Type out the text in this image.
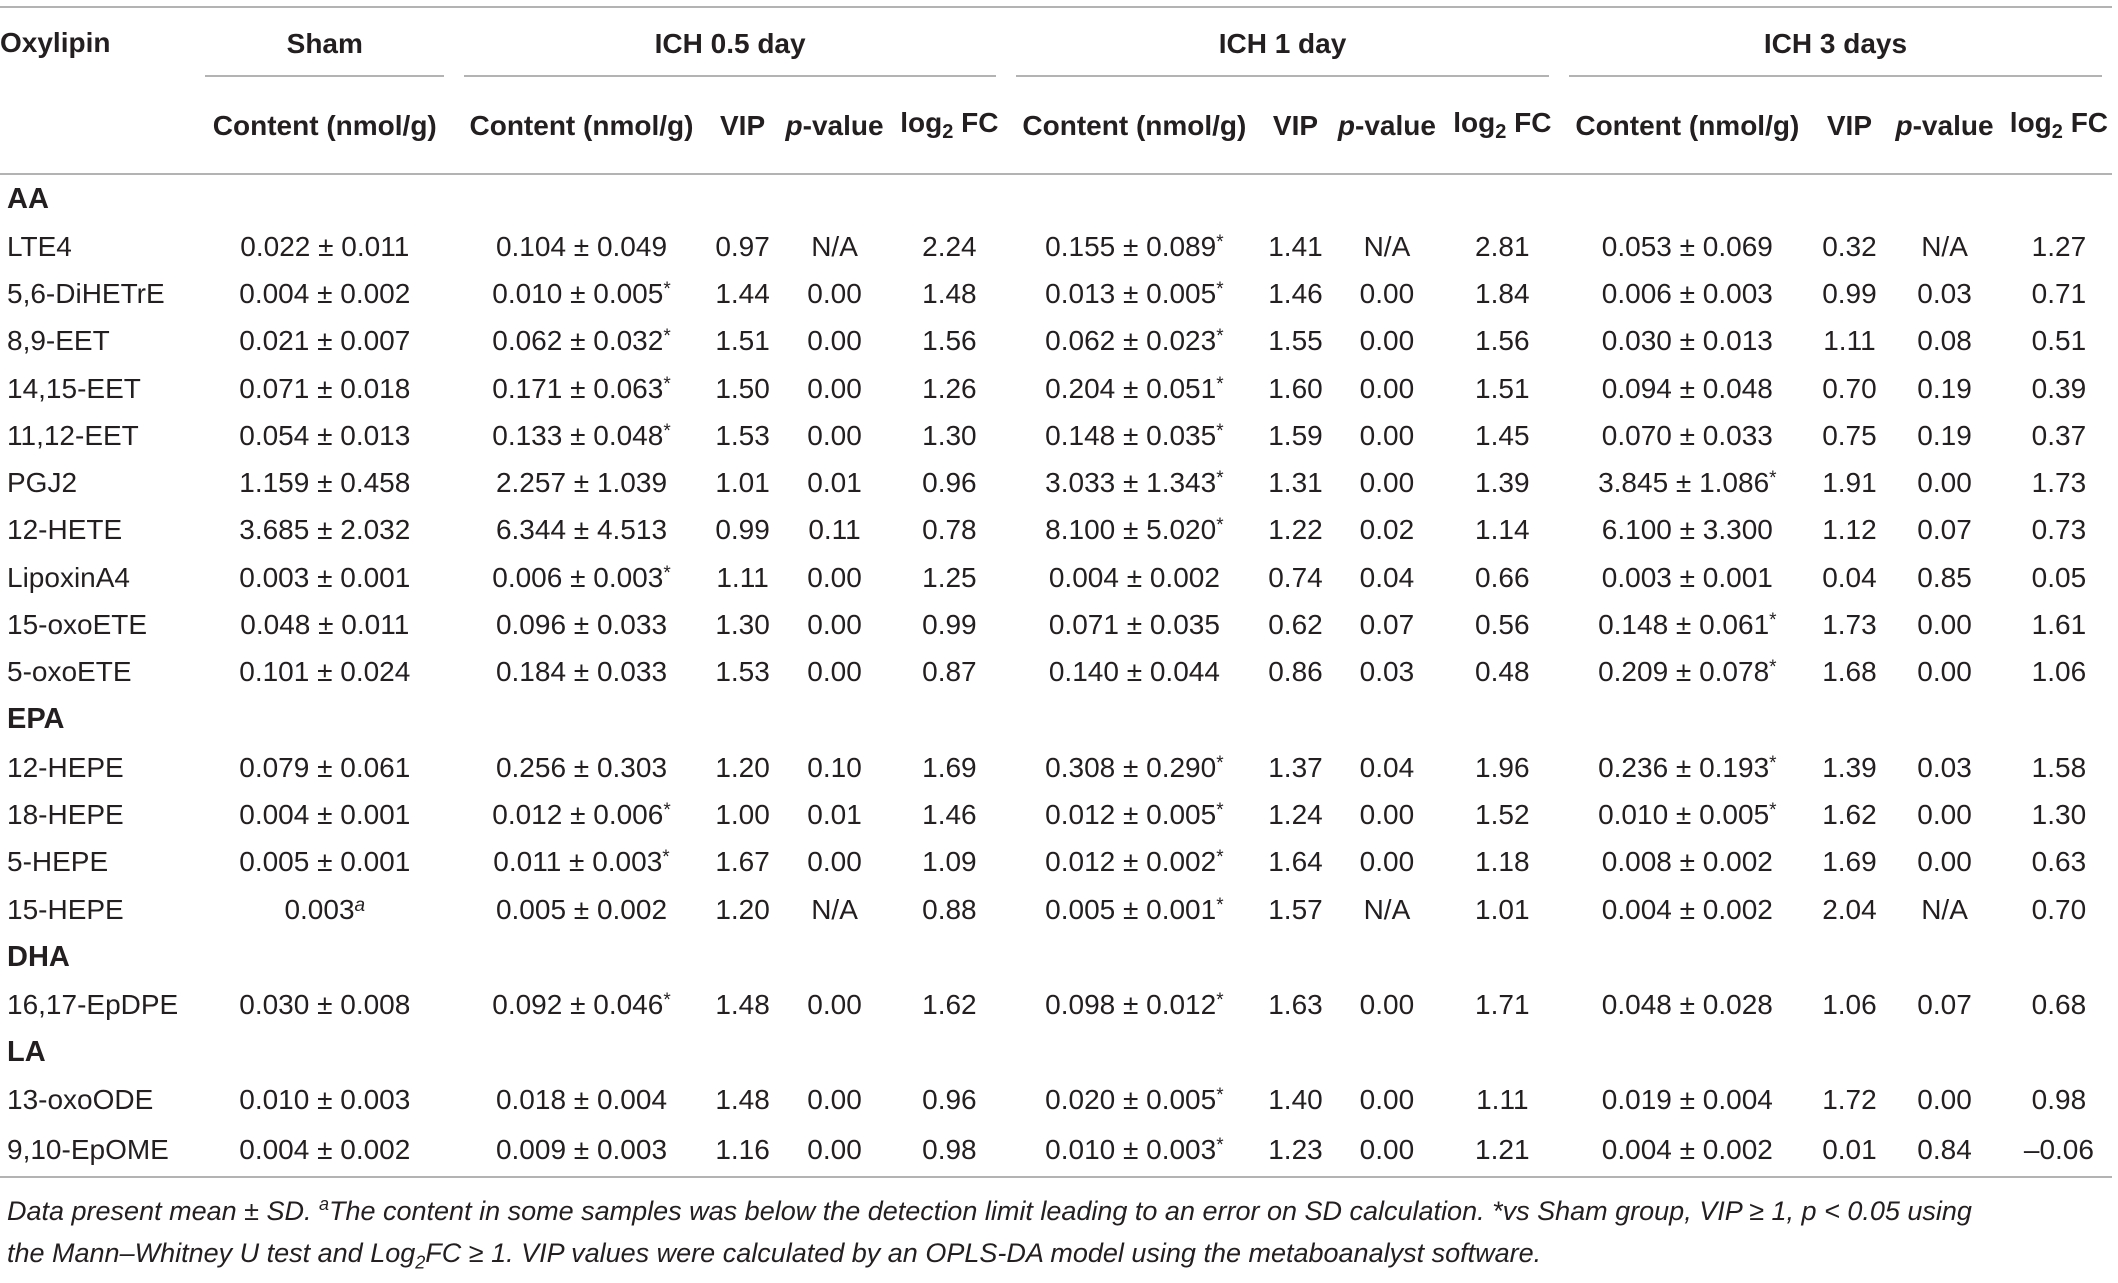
Oxylipin	Sham	ICH 0.5 day				ICH 1 day				ICH 3 days			

	Content (nmol/g)	Content (nmol/g)	VIP	p-value	$\log_2$ FC	Content (nmol/g)	VIP	p-value	$\log_2$ FC	Content (nmol/g)	VIP	p-value	$\log_2$ FC
AA													
LTE4	0.022 ± 0.011	0.104 ± 0.049	0.97	N/A	2.24	0.155 ± 0.089*	1.41	N/A	2.81	0.053 ± 0.069	0.32	N/A	1.27
5,6-DiHETrE	0.004 ± 0.002	0.010 ± 0.005*	1.44	0.00	1.48	0.013 ± 0.005*	1.46	0.00	1.84	0.006 ± 0.003	0.99	0.03	0.71
8,9-EET	0.021 ± 0.007	0.062 ± 0.032*	1.51	0.00	1.56	0.062 ± 0.023*	1.55	0.00	1.56	0.030 ± 0.013	1.11	0.08	0.51
14,15-EET	0.071 ± 0.018	0.171 ± 0.063*	1.50	0.00	1.26	0.204 ± 0.051*	1.60	0.00	1.51	0.094 ± 0.048	0.70	0.19	0.39
11,12-EET	0.054 ± 0.013	0.133 ± 0.048*	1.53	0.00	1.30	0.148 ± 0.035*	1.59	0.00	1.45	0.070 ± 0.033	0.75	0.19	0.37
PGJ2	1.159 ± 0.458	2.257 ± 1.039	1.01	0.01	0.96	3.033 ± 1.343*	1.31	0.00	1.39	3.845 ± 1.086*	1.91	0.00	1.73
12-HETE	3.685 ± 2.032	6.344 ± 4.513	0.99	0.11	0.78	8.100 ± 5.020*	1.22	0.02	1.14	6.100 ± 3.300	1.12	0.07	0.73
LipoxinA4	0.003 ± 0.001	0.006 ± 0.003*	1.11	0.00	1.25	0.004 ± 0.002	0.74	0.04	0.66	0.003 ± 0.001	0.04	0.85	0.05
15-oxoETE	0.048 ± 0.011	0.096 ± 0.033	1.30	0.00	0.99	0.071 ± 0.035	0.62	0.07	0.56	0.148 ± 0.061*	1.73	0.00	1.61
5-oxoETE	0.101 ± 0.024	0.184 ± 0.033	1.53	0.00	0.87	0.140 ± 0.044	0.86	0.03	0.48	0.209 ± 0.078*	1.68	0.00	1.06
EPA													
12-HEPE	0.079 ± 0.061	0.256 ± 0.303	1.20	0.10	1.69	0.308 ± 0.290*	1.37	0.04	1.96	0.236 ± 0.193*	1.39	0.03	1.58
18-HEPE	0.004 ± 0.001	0.012 ± 0.006*	1.00	0.01	1.46	0.012 ± 0.005*	1.24	0.00	1.52	0.010 ± 0.005*	1.62	0.00	1.30
5-HEPE	0.005 ± 0.001	0.011 ± 0.003*	1.67	0.00	1.09	0.012 ± 0.002*	1.64	0.00	1.18	0.008 ± 0.002	1.69	0.00	0.63
15-HEPE	0.003$^a$	0.005 ± 0.002	1.20	N/A	0.88	0.005 ± 0.001*	1.57	N/A	1.01	0.004 ± 0.002	2.04	N/A	0.70
DHA													
16,17-EpDPE	0.030 ± 0.008	0.092 ± 0.046*	1.48	0.00	1.62	0.098 ± 0.012*	1.63	0.00	1.71	0.048 ± 0.028	1.06	0.07	0.68
LA													
13-oxoODE	0.010 ± 0.003	0.018 ± 0.004	1.48	0.00	0.96	0.020 ± 0.005*	1.40	0.00	1.11	0.019 ± 0.004	1.72	0.00	0.98
9,10-EpOME	0.004 ± 0.002	0.009 ± 0.003	1.16	0.00	0.98	0.010 ± 0.003*	1.23	0.00	1.21	0.004 ± 0.002	0.01	0.84	–0.06
Data present mean ± SD. $^a$The content in some samples was below the detection limit leading to an error on SD calculation. *vs Sham group, VIP ≥ 1, p < 0.05 using
the Mann–Whitney U test and Log$_2$FC ≥ 1. VIP values were calculated by an OPLS-DA model using the metaboanalyst software.
